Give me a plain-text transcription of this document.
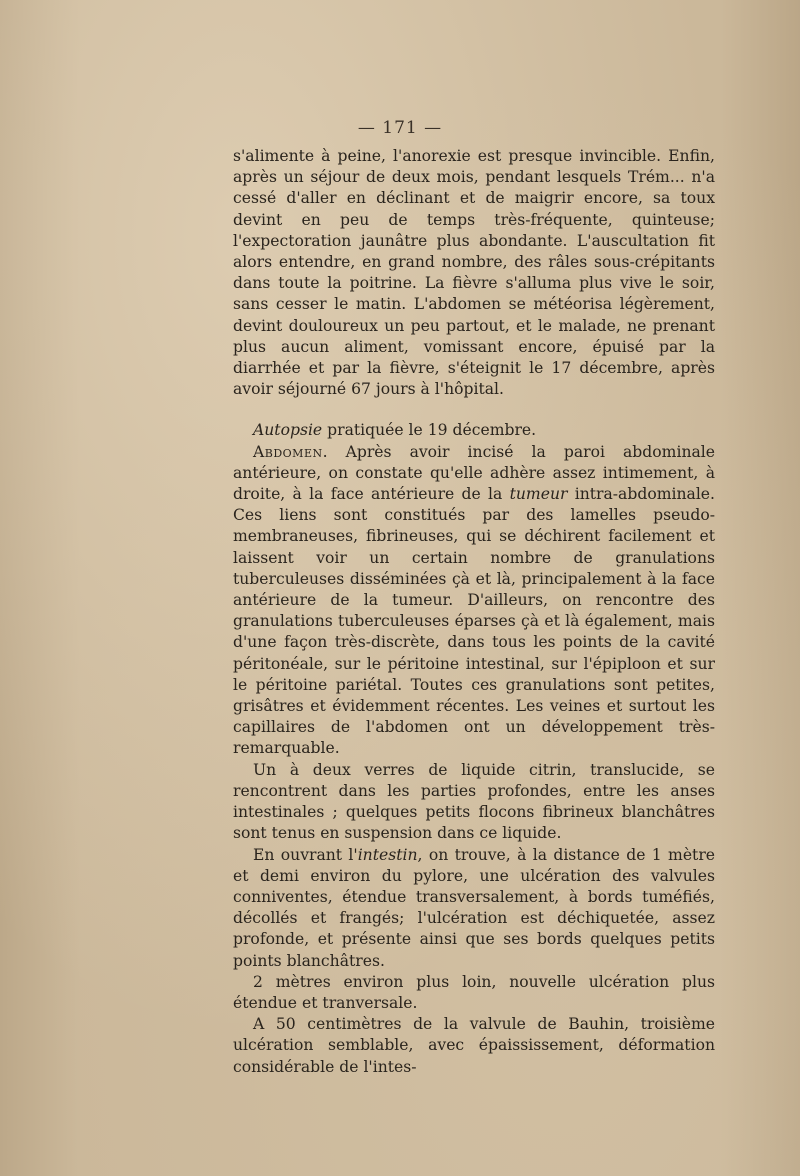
— 171 —

s'alimente à peine, l'anorexie est presque invincible. Enfin, après un séjour de deux mois, pendant lesquels Trém... n'a cessé d'aller en déclinant et de maigrir encore, sa toux devint en peu de temps très-fréquente, quinteuse; l'expectoration jaunâtre plus abondante. L'auscultation fit alors entendre, en grand nombre, des râles sous-crépitants dans toute la poitrine. La fièvre s'alluma plus vive le soir, sans cesser le matin. L'abdomen se météorisa légèrement, devint douloureux un peu partout, et le malade, ne prenant plus aucun aliment, vomissant encore, épuisé par la diarrhée et par la fièvre, s'éteignit le 17 décembre, après avoir séjourné 67 jours à l'hôpital.

Autopsie pratiquée le 19 décembre.

Abdomen. Après avoir incisé la paroi abdominale antérieure, on constate qu'elle adhère assez intimement, à droite, à la face antérieure de la tumeur intra-abdominale. Ces liens sont constitués par des lamelles pseudo-membraneuses, fibrineuses, qui se déchirent facilement et laissent voir un certain nombre de granulations tuberculeuses disséminées çà et là, principalement à la face antérieure de la tumeur. D'ailleurs, on rencontre des granulations tuberculeuses éparses çà et là également, mais d'une façon très-discrète, dans tous les points de la cavité péritonéale, sur le péritoine intestinal, sur l'épiploon et sur le péritoine pariétal. Toutes ces granulations sont petites, grisâtres et évidemment récentes. Les veines et surtout les capillaires de l'abdomen ont un développement très-remarquable.

Un à deux verres de liquide citrin, translucide, se rencontrent dans les parties profondes, entre les anses intestinales ; quelques petits flocons fibrineux blanchâtres sont tenus en suspension dans ce liquide.

En ouvrant l'intestin, on trouve, à la distance de 1 mètre et demi environ du pylore, une ulcération des valvules conniventes, étendue transversalement, à bords tuméfiés, décollés et frangés; l'ulcération est déchiquetée, assez profonde, et présente ainsi que ses bords quelques petits points blanchâtres.

2 mètres environ plus loin, nouvelle ulcération plus étendue et tranversale.

A 50 centimètres de la valvule de Bauhin, troisième ulcération semblable, avec épaississement, déformation considérable de l'intes-
